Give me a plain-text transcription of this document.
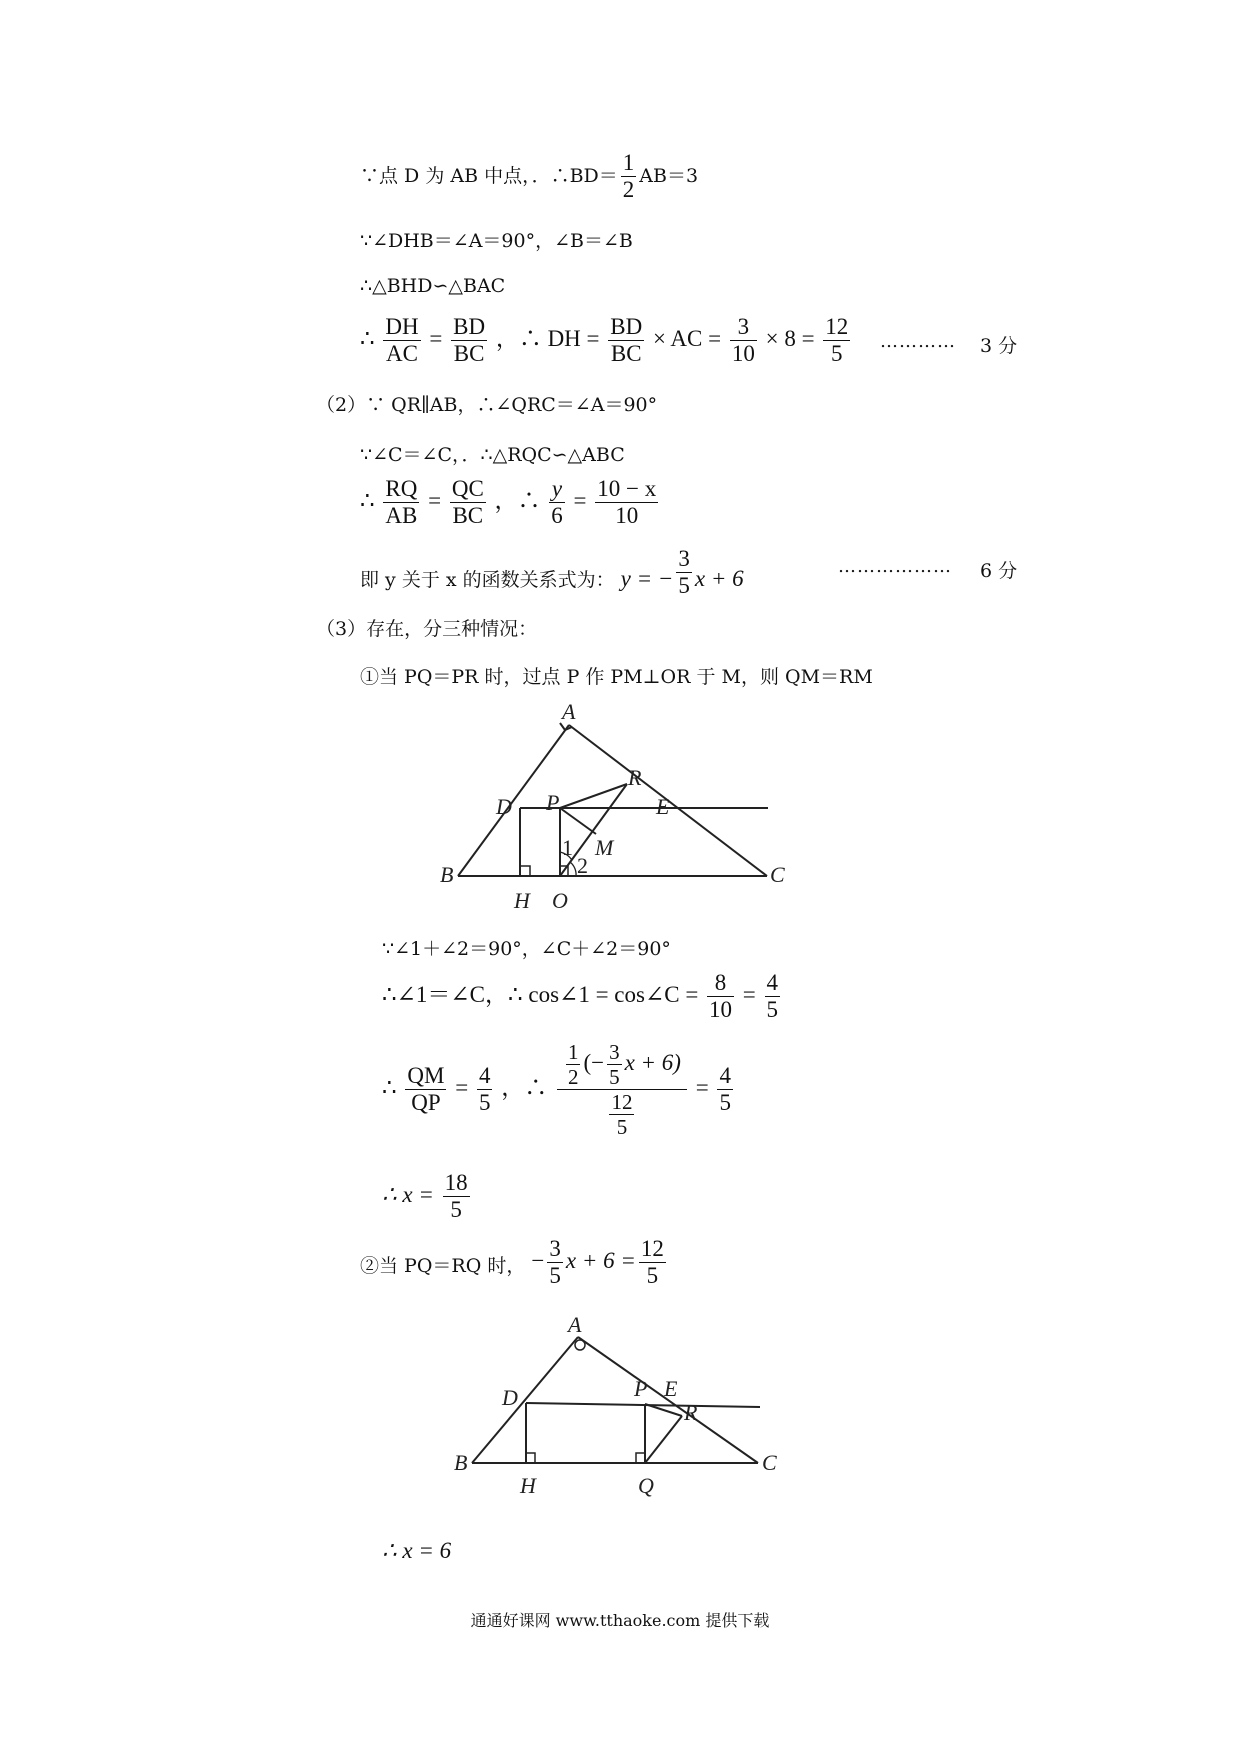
∵点 D 为 AB 中点，．∴BD＝ $\frac{1}{2} AB=3$
∵∠DHB＝∠A＝90°，∠B＝∠B
∴△BHD∽△BAC
∴ $\frac{DH}{AC} = \frac{BD}{BC}$ ，∴ DH = $\frac{BD}{BC}$ × AC = $\frac{3}{10} \times 8 = \frac{12}{5}$ ………… 3 分
（2）∵ QR∥AB，∴∠QRC＝∠A＝90°
∵∠C＝∠C，．∴△RQC∽△ABC
∴ $\frac{RQ}{AB} = \frac{QC}{BC}$ ，∴ $\frac{y}{6} = \frac{10 - x}{10}$
即 y 关于 x 的函数关系式为： y = − $\frac{3}{5}$ x + 6	……………… 6 分
（3）存在，分三种情况：
①当 PQ＝PR 时，过点 P 作 PM⊥OR 于 M，则 QM＝RM
A
R
D P	E
M
1
2
B
H O
C
∵∠1＋∠2＝90°，∠C＋∠2＝90°
∴∠1＝∠C，∴ cos∠1 = cos∠C = $\frac{8}{10} = \frac{4}{5}$
∴ $\frac{QM}{QP} = \frac{4}{5}$ ，∴ $\frac{\frac{1}{2} (- \frac{3}{5} x + 6)}{\frac{12}{5}} = \frac{4}{5}$
∴ $x = \frac{18}{5}$
②当 PQ＝RQ 时， − $\frac{3}{5}$ $x + 6 = \frac{12}{5}$
A
D	P E
R
B
H	Q
C
∴ x = 6
通通好课网 www.tthaoke.com 提供下载
